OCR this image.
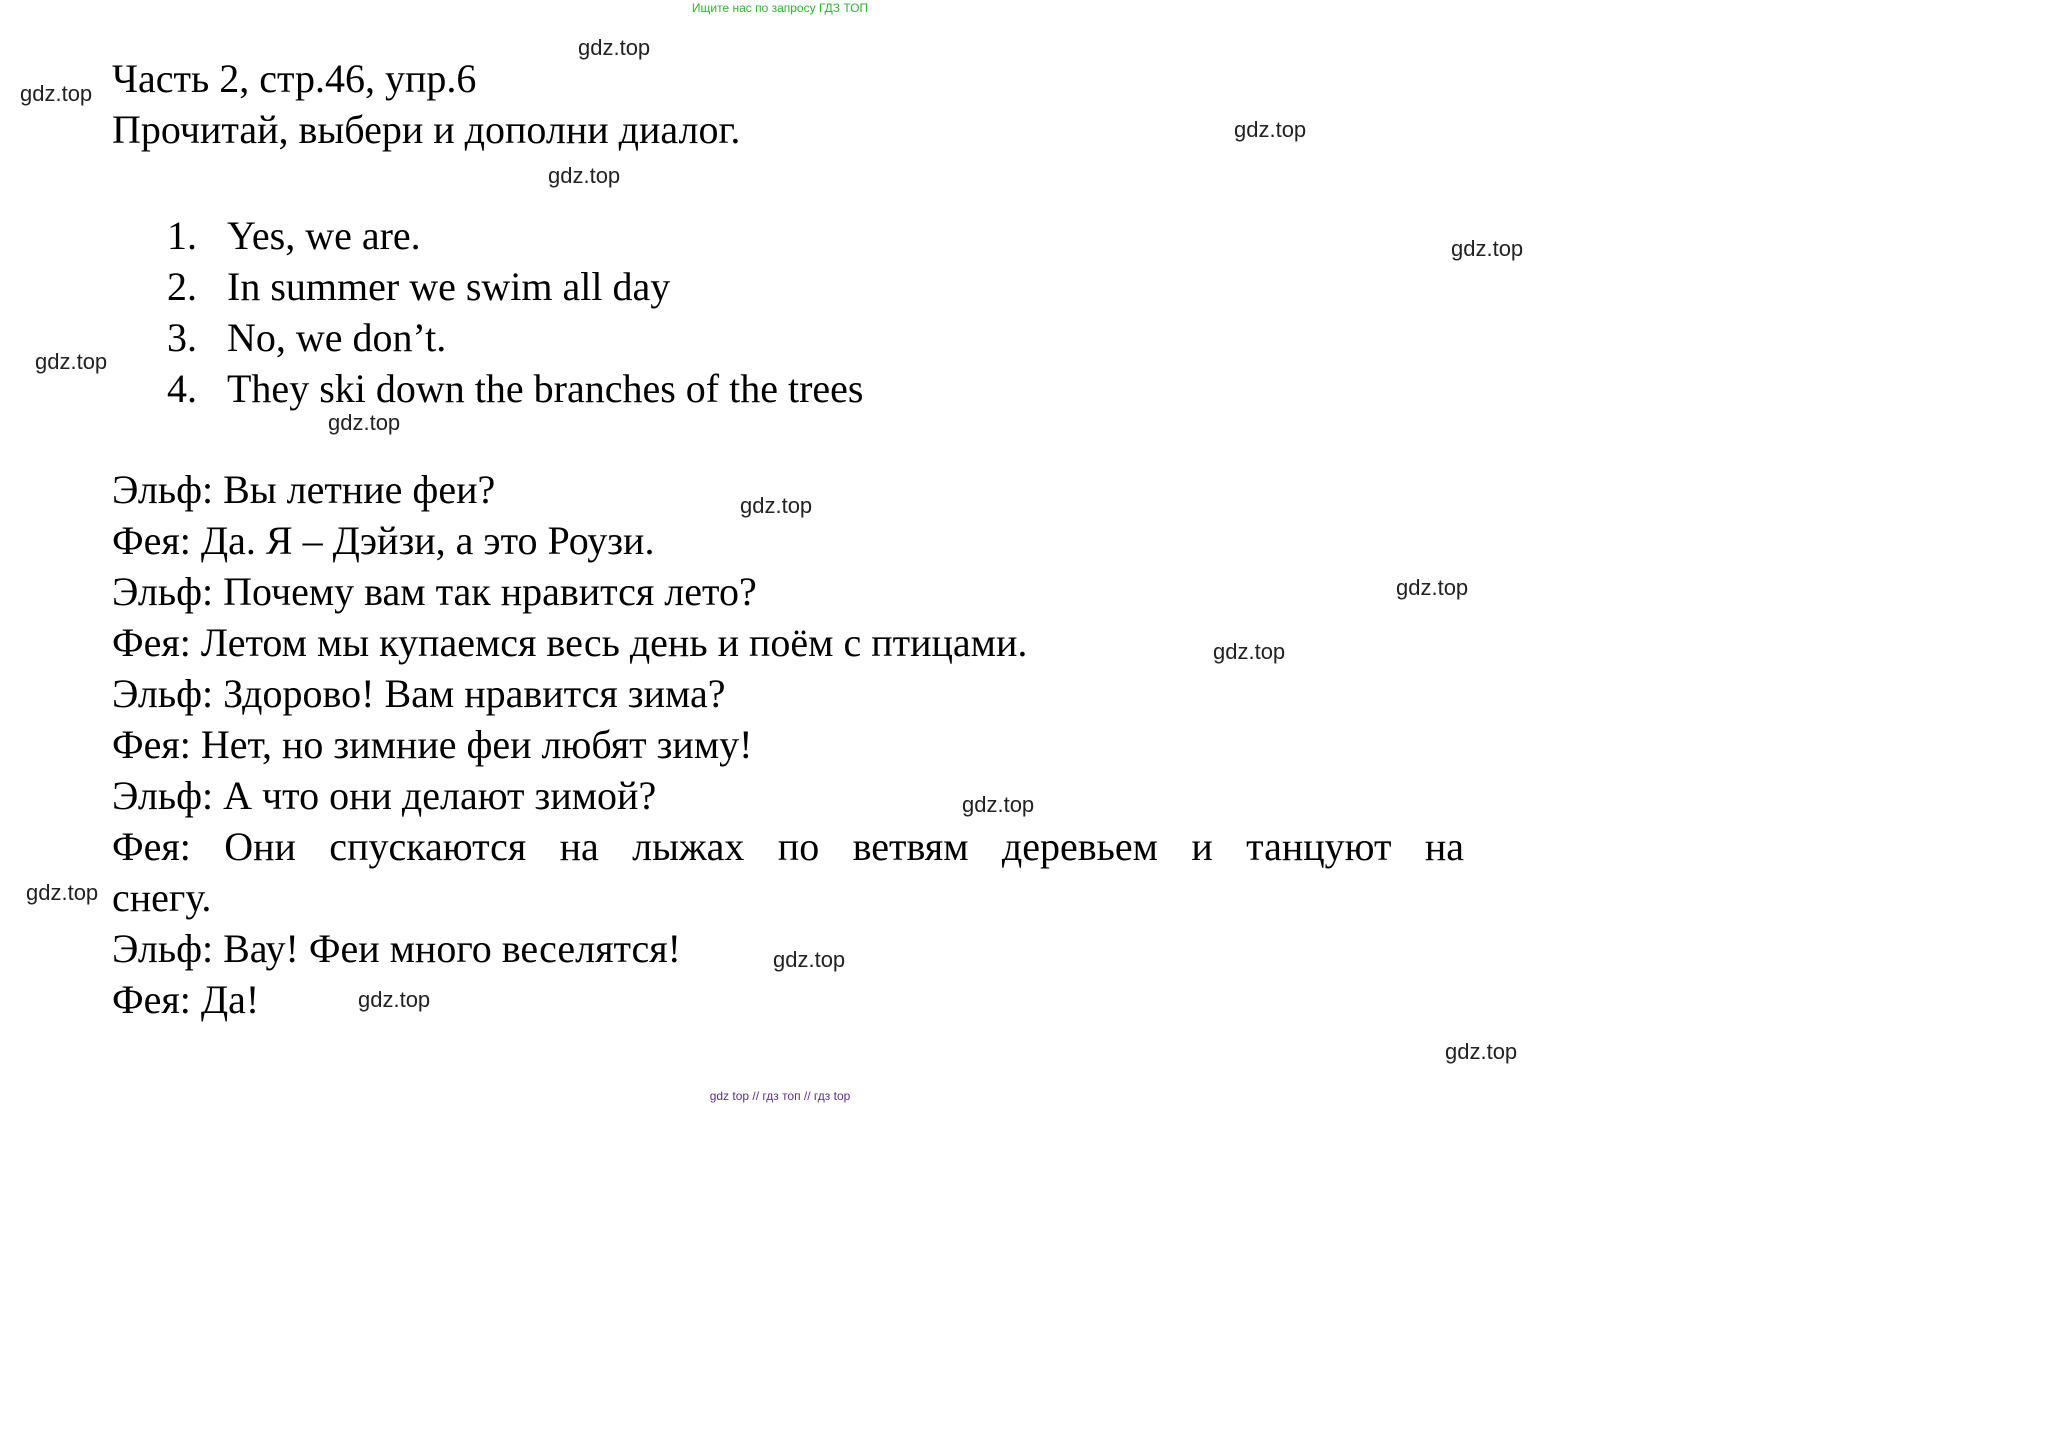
Ищите нас по запросу ГДЗ ТОП
Часть 2, стр.46, упр.6
Прочитай, выбери и дополни диалог.
1. Yes, we are.
2. In summer we swim all day
3. No, we don’t.
4. They ski down the branches of the trees
Эльф: Вы летние феи?
Фея: Да. Я – Дэйзи, а это Роузи.
Эльф: Почему вам так нравится лето?
Фея: Летом мы купаемся весь день и поём с птицами.
Эльф: Здорово! Вам нравится зима?
Фея: Нет, но зимние феи любят зиму!
Эльф: А что они делают зимой?
Фея: Они спускаются на лыжах по ветвям деревьем и танцуют на
снегу.
Эльф: Вау! Феи много веселятся!
Фея: Да!
gdz.top
gdz.top
gdz.top
gdz.top
gdz.top
gdz.top
gdz.top
gdz.top
gdz.top
gdz.top
gdz.top
gdz.top
gdz.top
gdz.top
gdz.top
gdz top // гдз топ // гдз top
